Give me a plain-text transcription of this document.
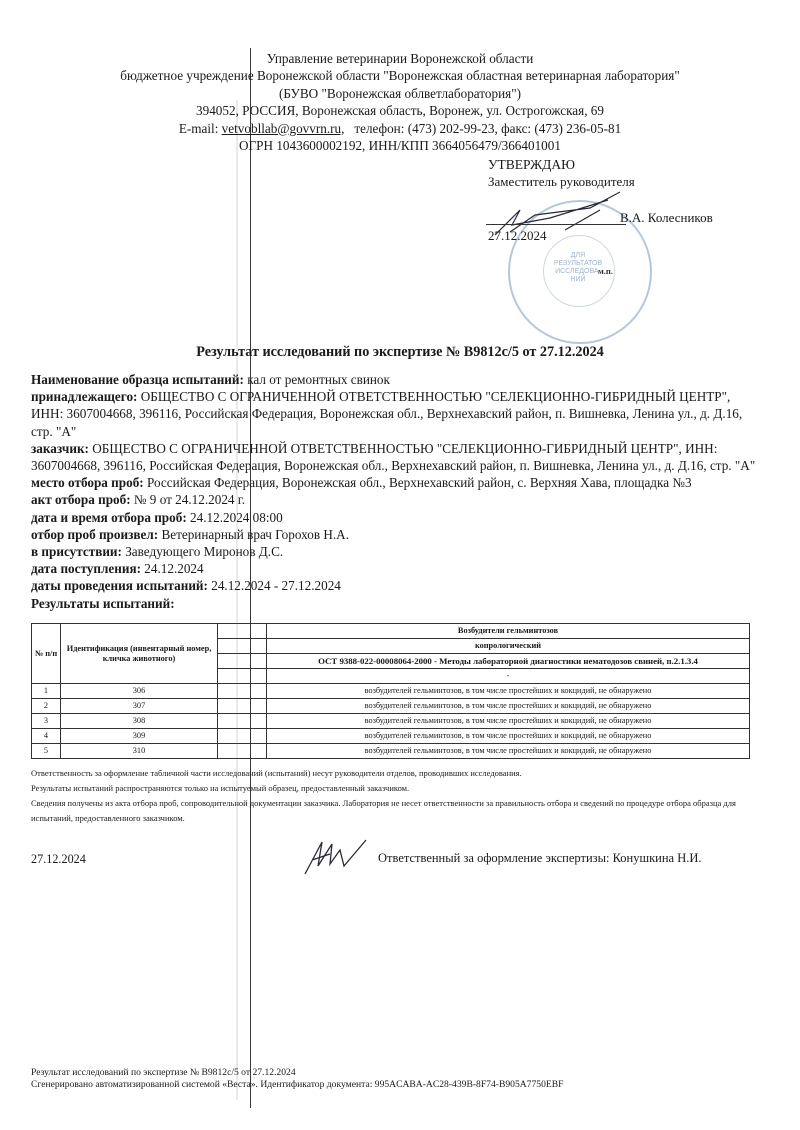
Управление ветеринарии Воронежской области
бюджетное учреждение Воронежской области "Воронежская областная ветеринарная лаборатория"
(БУВО "Воронежская облветлаборатория")
394052, РОССИЯ, Воронежская область, Воронеж, ул. Острогожская, 69
E-mail: vetvobllab@govvrn.ru, телефон: (473) 202-99-23, факс: (473) 236-05-81
ОГРН 1043600002192, ИНН/КПП 3664056479/366401001
ДЛЯ РЕЗУЛЬТАТОВ ИССЛЕДОВА-НИЙ
м.п.
УТВЕРЖДАЮ
Заместитель руководителя
В.А. Колесников
27.12.2024
Результат исследований по экспертизе № В9812с/5 от 27.12.2024
Наименование образца испытаний: кал от ремонтных свинок
принадлежащего: ОБЩЕСТВО С ОГРАНИЧЕННОЙ ОТВЕТСТВЕННОСТЬЮ "СЕЛЕКЦИОННО-ГИБРИДНЫЙ ЦЕНТР", ИНН: 3607004668, 396116, Российская Федерация, Воронежская обл., Верхнехавский район, п. Вишневка, Ленина ул., д. Д.16, стр. "А"
заказчик: ОБЩЕСТВО С ОГРАНИЧЕННОЙ ОТВЕТСТВЕННОСТЬЮ "СЕЛЕКЦИОННО-ГИБРИДНЫЙ ЦЕНТР", ИНН: 3607004668, 396116, Российская Федерация, Воронежская обл., Верхнехавский район, п. Вишневка, Ленина ул., д. Д.16, стр. "А"
место отбора проб: Российская Федерация, Воронежская обл., Верхнехавский район, с. Верхняя Хава, площадка №3
акт отбора проб: № 9 от 24.12.2024 г.
дата и время отбора проб: 24.12.2024 08:00
отбор проб произвел: Ветеринарный врач Горохов Н.А.
в присутствии: Заведующего Миронов Д.С.
дата поступления: 24.12.2024
даты проведения испытаний: 24.12.2024 - 27.12.2024
Результаты испытаний:
№ п/п	Идентификация (инвентарный номер, кличка животного)		Возбудители гельминтозов
			копрологический
			ОСТ 9388-022-00008064-2000 - Методы лабораторной диагностики нематодозов свиней, п.2.1.3.4
			-
1	306		возбудителей гельминтозов, в том числе простейших и кокцидий, не обнаружено
2	307		возбудителей гельминтозов, в том числе простейших и кокцидий, не обнаружено
3	308		возбудителей гельминтозов, в том числе простейших и кокцидий, не обнаружено
4	309		возбудителей гельминтозов, в том числе простейших и кокцидий, не обнаружено
5	310		возбудителей гельминтозов, в том числе простейших и кокцидий, не обнаружено
Ответственность за оформление табличной части исследований (испытаний) несут руководители отделов, проводивших исследования.
Результаты испытаний распространяются только на испытуемый образец, предоставленный заказчиком.
Сведения получены из акта отбора проб, сопроводительной документации заказчика. Лаборатория не несет ответственности за правильность отбора и сведений по процедуре отбора образца для испытаний, предоставленного заказчиком.
27.12.2024	Ответственный за оформление экспертизы: Конушкина Н.И.
Результат исследований по экспертизе № В9812с/5 от 27.12.2024
Сгенерировано автоматизированной системой «Веста». Идентификатор документа: 995ACABA-AC28-439B-8F74-B905A7750EBF
